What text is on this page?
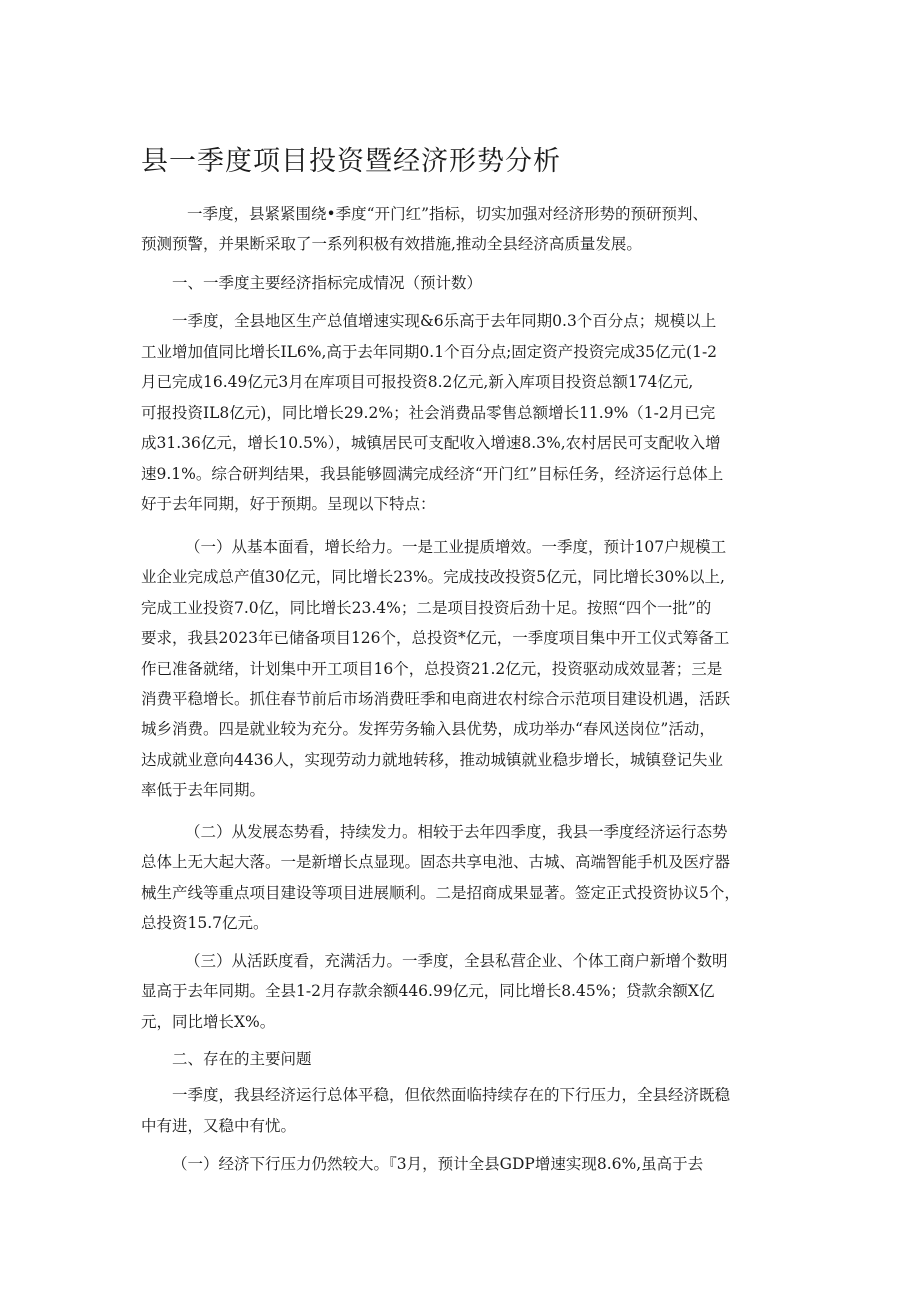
县一季度项目投资暨经济形势分析

一季度，县紧紧围绕•季度“开门红”指标，切实加强对经济形势的预研预判、
预测预警，并果断采取了一系列积极有效措施,推动全县经济高质量发展。

一、一季度主要经济指标完成情况（预计数）

一季度，全县地区生产总值增速实现&6乐高于去年同期0.3个百分点；规模以上
工业增加值同比增长IL6%,高于去年同期0.1个百分点;固定资产投资完成35亿元(1-2
月已完成16.49亿元3月在库项目可报投资8.2亿元,新入库项目投资总额174亿元,
可报投资IL8亿元)，同比增长29.2%；社会消费品零售总额增长11.9%（1-2月已完
成31.36亿元，增长10.5%），城镇居民可支配收入增速8.3%,农村居民可支配收入增
速9.1%。综合研判结果，我县能够圆满完成经济“开门红”目标任务，经济运行总体上
好于去年同期，好于预期。呈现以下特点：

（一）从基本面看，增长给力。一是工业提质增效。一季度，预计107户规模工
业企业完成总产值30亿元，同比增长23%。完成技改投资5亿元，同比增长30%以上,
完成工业投资7.0亿，同比增长23.4%；二是项目投资后劲十足。按照“四个一批”的
要求，我县2023年已储备项目126个，总投资*亿元，一季度项目集中开工仪式筹备工
作已准备就绪，计划集中开工项目16个，总投资21.2亿元，投资驱动成效显著；三是
消费平稳增长。抓住春节前后市场消费旺季和电商进农村综合示范项目建设机遇，活跃
城乡消费。四是就业较为充分。发挥劳务输入县优势，成功举办“春风送岗位”活动，
达成就业意向4436人，实现劳动力就地转移，推动城镇就业稳步增长，城镇登记失业
率低于去年同期。

（二）从发展态势看，持续发力。相较于去年四季度，我县一季度经济运行态势
总体上无大起大落。一是新增长点显现。固态共享电池、古城、高端智能手机及医疗器
械生产线等重点项目建设等项目进展顺利。二是招商成果显著。签定正式投资协议5个，
总投资15.7亿元。

（三）从活跃度看，充满活力。一季度，全县私营企业、个体工商户新增个数明
显高于去年同期。全县1-2月存款余额446.99亿元，同比增长8.45%；贷款余额X亿
元，同比增长X%。

二、存在的主要问题

一季度，我县经济运行总体平稳，但依然面临持续存在的下行压力，全县经济既稳
中有进，又稳中有忧。

（一）经济下行压力仍然较大。『3月，预计全县GDP增速实现8.6%,虽高于去
